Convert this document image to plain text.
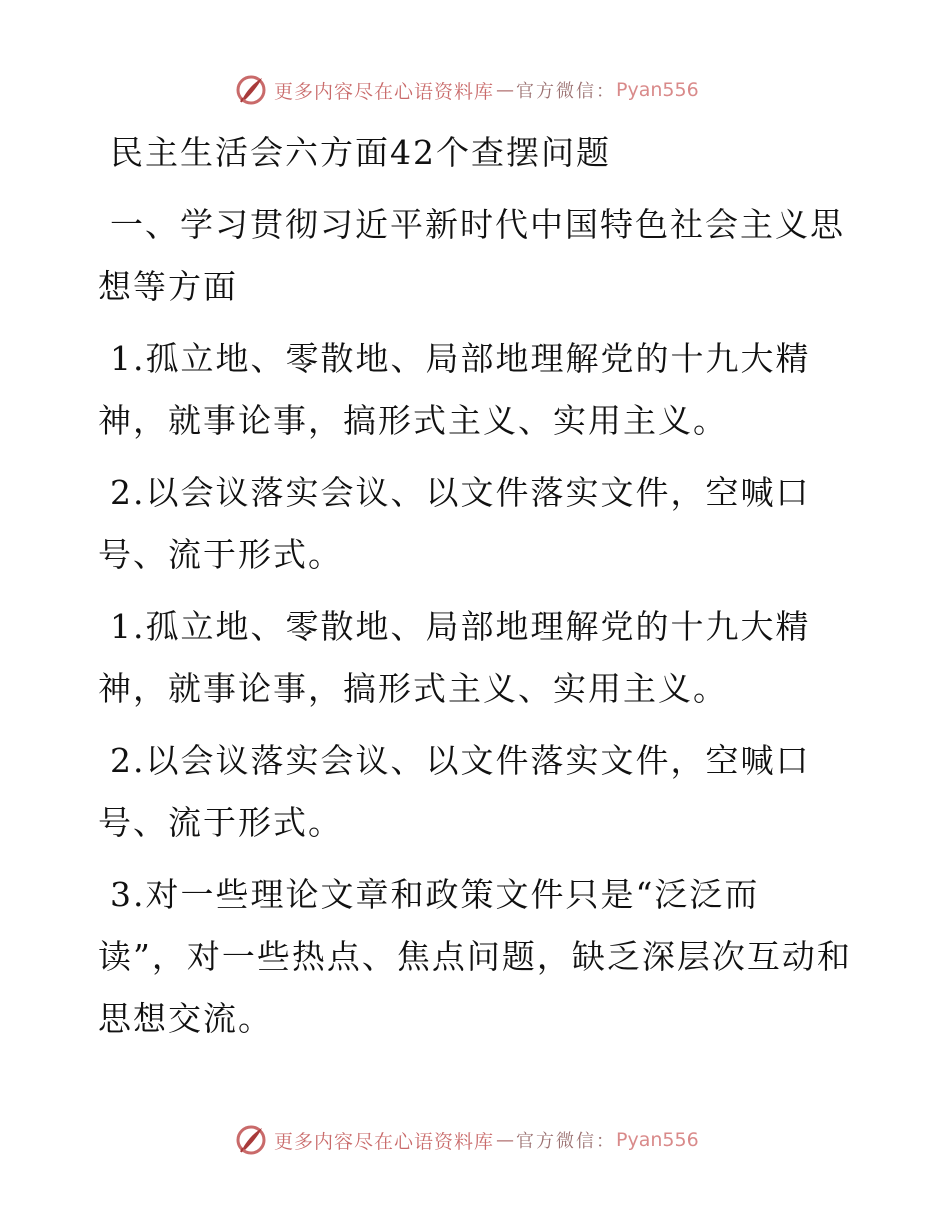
更多内容尽在心语资料库 — 官方微信： Pyan556
民主生活会六方面42个查摆问题
一、学习贯彻习近平新时代中国特色社会主义思
想等方面
1.孤立地、零散地、局部地理解党的十九大精
神，就事论事，搞形式主义、实用主义。
2.以会议落实会议、以文件落实文件，空喊口
号、流于形式。
1.孤立地、零散地、局部地理解党的十九大精
神，就事论事，搞形式主义、实用主义。
2.以会议落实会议、以文件落实文件，空喊口
号、流于形式。
3.对一些理论文章和政策文件只是“泛泛而
读”，对一些热点、焦点问题，缺乏深层次互动和
思想交流。
更多内容尽在心语资料库 — 官方微信： Pyan556
